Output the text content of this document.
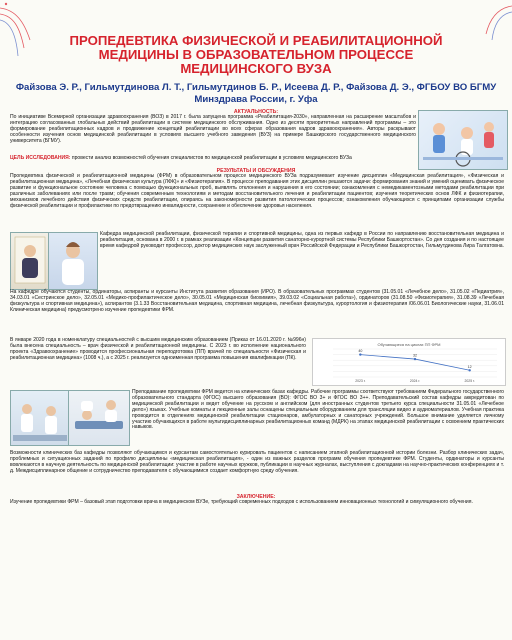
ПРОПЕДЕВТИКА ФИЗИЧЕСКОЙ И РЕАБИЛИТАЦИОННОЙ МЕДИЦИНЫ В ОБРАЗОВАТЕЛЬНОМ ПРОЦЕССЕ МЕДИЦИНСКОГО ВУЗА
Файзова Э. Р., Гильмутдинова Л. Т., Гильмутдинов Б. Р., Исеева Д. Р., Файзова Д. Э., ФГБОУ ВО БГМУ Минздрава России, г. Уфа
АКТУАЛЬНОСТЬ:
По инициативе Всемирной организации здравоохранения (ВОЗ) в 2017 г. была запущена программа «Реабилитация-2030», направленная на расширение масштабов и интеграцию согласованных глобальных действий реабилитации в системе медицинского обслуживания. Одно из десяти приоритетных направлений программы – это формирование реабилитационных кадров и продвижение концепций реабилитации во всех сферах образования кадров здравоохранения». Авторы раскрывают особенности изучения основ медицинской реабилитации в условиях высшего учебного заведения (ВУЗ) на примере Башкирского государственного медицинского университета (БГМУ).
ЦЕЛЬ ИССЛЕДОВАНИЯ: провести анализ возможностей обучения специалистов по медицинской реабилитации в условиях медицинского ВУЗа
РЕЗУЛЬТАТЫ И ОБСУЖДЕНИЯ
Пропедевтика физической и реабилитационной медицины (ФРМ) в образовательном процессе медицинского ВУЗа подразумевает изучение дисциплин «Медицинская реабилитация», «Физическая и реабилитационная медицина», «Лечебная физическая культура (ЛФК)» и «Физиотерапия». В процессе преподавания этих дисциплин решаются задачи: формирования знаний и умений оценивать физическое развитие и функциональное состояние человека с помощью функциональных проб, выявлять отклонения и нарушения в его состоянии; ознакомления с немедикаментозными методами реабилитации при различных заболеваниях или после травм; обучения современным технологиям и методам восстановительного лечения и реабилитации пациентов; изучения теоретических основ ЛФК и физиотерапии, механизмов лечебного действия физических средств реабилитации, опираясь на закономерности развития патологических процессов; ознакомления обучающихся с принципами организации службы физической реабилитации и профилактики по предотвращению инвалидности, сохранение и обеспечение здоровья населения.
Кафедра медицинской реабилитации, физической терапии и спортивной медицины, одна из первых кафедр в России по направлению восстановительная медицина и реабилитация, основана в 2000 г. в рамках реализации «Концепции развития санаторно-курортной системы Республики Башкортостан». Со дня создания и по настоящее время кафедрой руководит профессор, доктор медицинских наук заслуженный врач Российской Федерации и Республики Башкортостан, Гильмутдинова Лира Талгатовна.
На кафедре обучаются студенты, ординаторы, аспиранты и курсанты Института развития образования (ИРО). В образовательных программах студентов (31.05.01 «Лечебное дело», 31.05.02 «Педиатрия», 34.03.01 «Сестринское дело», 32.05.01 «Медико-профилактическое дело», 30.05.01 «Медицинская биохимия», 39.03.02 «Социальная работа»), ординаторов (31.08.50 «Физиотерапия», 31.08.39 «Лечебная физкультура и спортивная медицина»), аспирантов (3.1.33 Восстановительная медицина, спортивная медицина, лечебная физкультура, курортология и физиотерапия /06.06.01 Биологические науки, 31.06.01 Клиническая медицина) предусмотрено изучение пропедевтики ФРМ.
В январе 2020 года в номенклатуру специальностей с высшим медицинским образованием (Приказ от 16.01.2020 г. №996н) была внесена специальность – врач физической и реабилитационной медицины. С 2023 г. во исполнение национального проекта «Здравоохранение» проводится профессиональная переподготовка (ПП) врачей по специальности «Физическая и реабилитационная медицина» (1008 ч.), а с 2025 г. реализуется одноименная программа повышения квалификации (ПК).
Обучающиеся на циклах ПП ФРМ
40
2023 г.
32
2024 г.
12
2025 г.
Преподавание пропедевтики ФРМ ведется на клинических базах кафедры. Рабочие программы соответствуют требованиям Федерального государственного образовательного стандарта (ФГОС) высшего образования (ВО): ФГОС ВО 3+ и ФГОС ВО 3++. Преподавательский состав кафедры аккредитован по медицинской реабилитации и ведет обучение на русском и английском (для иностранных студентов третьего курса специальности 31.05.01 «Лечебное дело») языках. Учебные комнаты и лекционные залы оснащены специальным оборудованием для трансляции видео и аудиоматериалов. Учебная практика проводится в отделениях медицинской реабилитации стационаров, амбулаторных и санаторных учреждений. Большое внимание уделяется личному участию обучающихся в работе мультидисциплинарных реабилитационных команд (МДРК) на этапах медицинской реабилитации с освоением практических навыков.
Возможности клинических баз кафедры позволяют обучающимся и курсантам самостоятельно курировать пациентов с написанием этапной реабилитационной истории болезни. Разбор клинических задач, проблемных и ситуационных заданий по профилю дисциплины «медицинская реабилитация», - один из важных разделов программ обучения пропедевтике ФРМ. Студенты, ординаторы и курсанты вовлекаются в научную деятельность по медицинской реабилитации: участие в работе научных кружков, публикации в научных журналах, выступления с докладами на научно-практических конференциях и т. д. Междисциплинарное общение и сотрудничество преподавателя с обучающимися создает комфортную среду обучения.
ЗАКЛЮЧЕНИЕ:
Изучение пропедевтики ФРМ – базовый этап подготовки врача в медицинском ВУЗе, требующий современных подходов с использованием инновационных технологий и симуляционного обучения.
